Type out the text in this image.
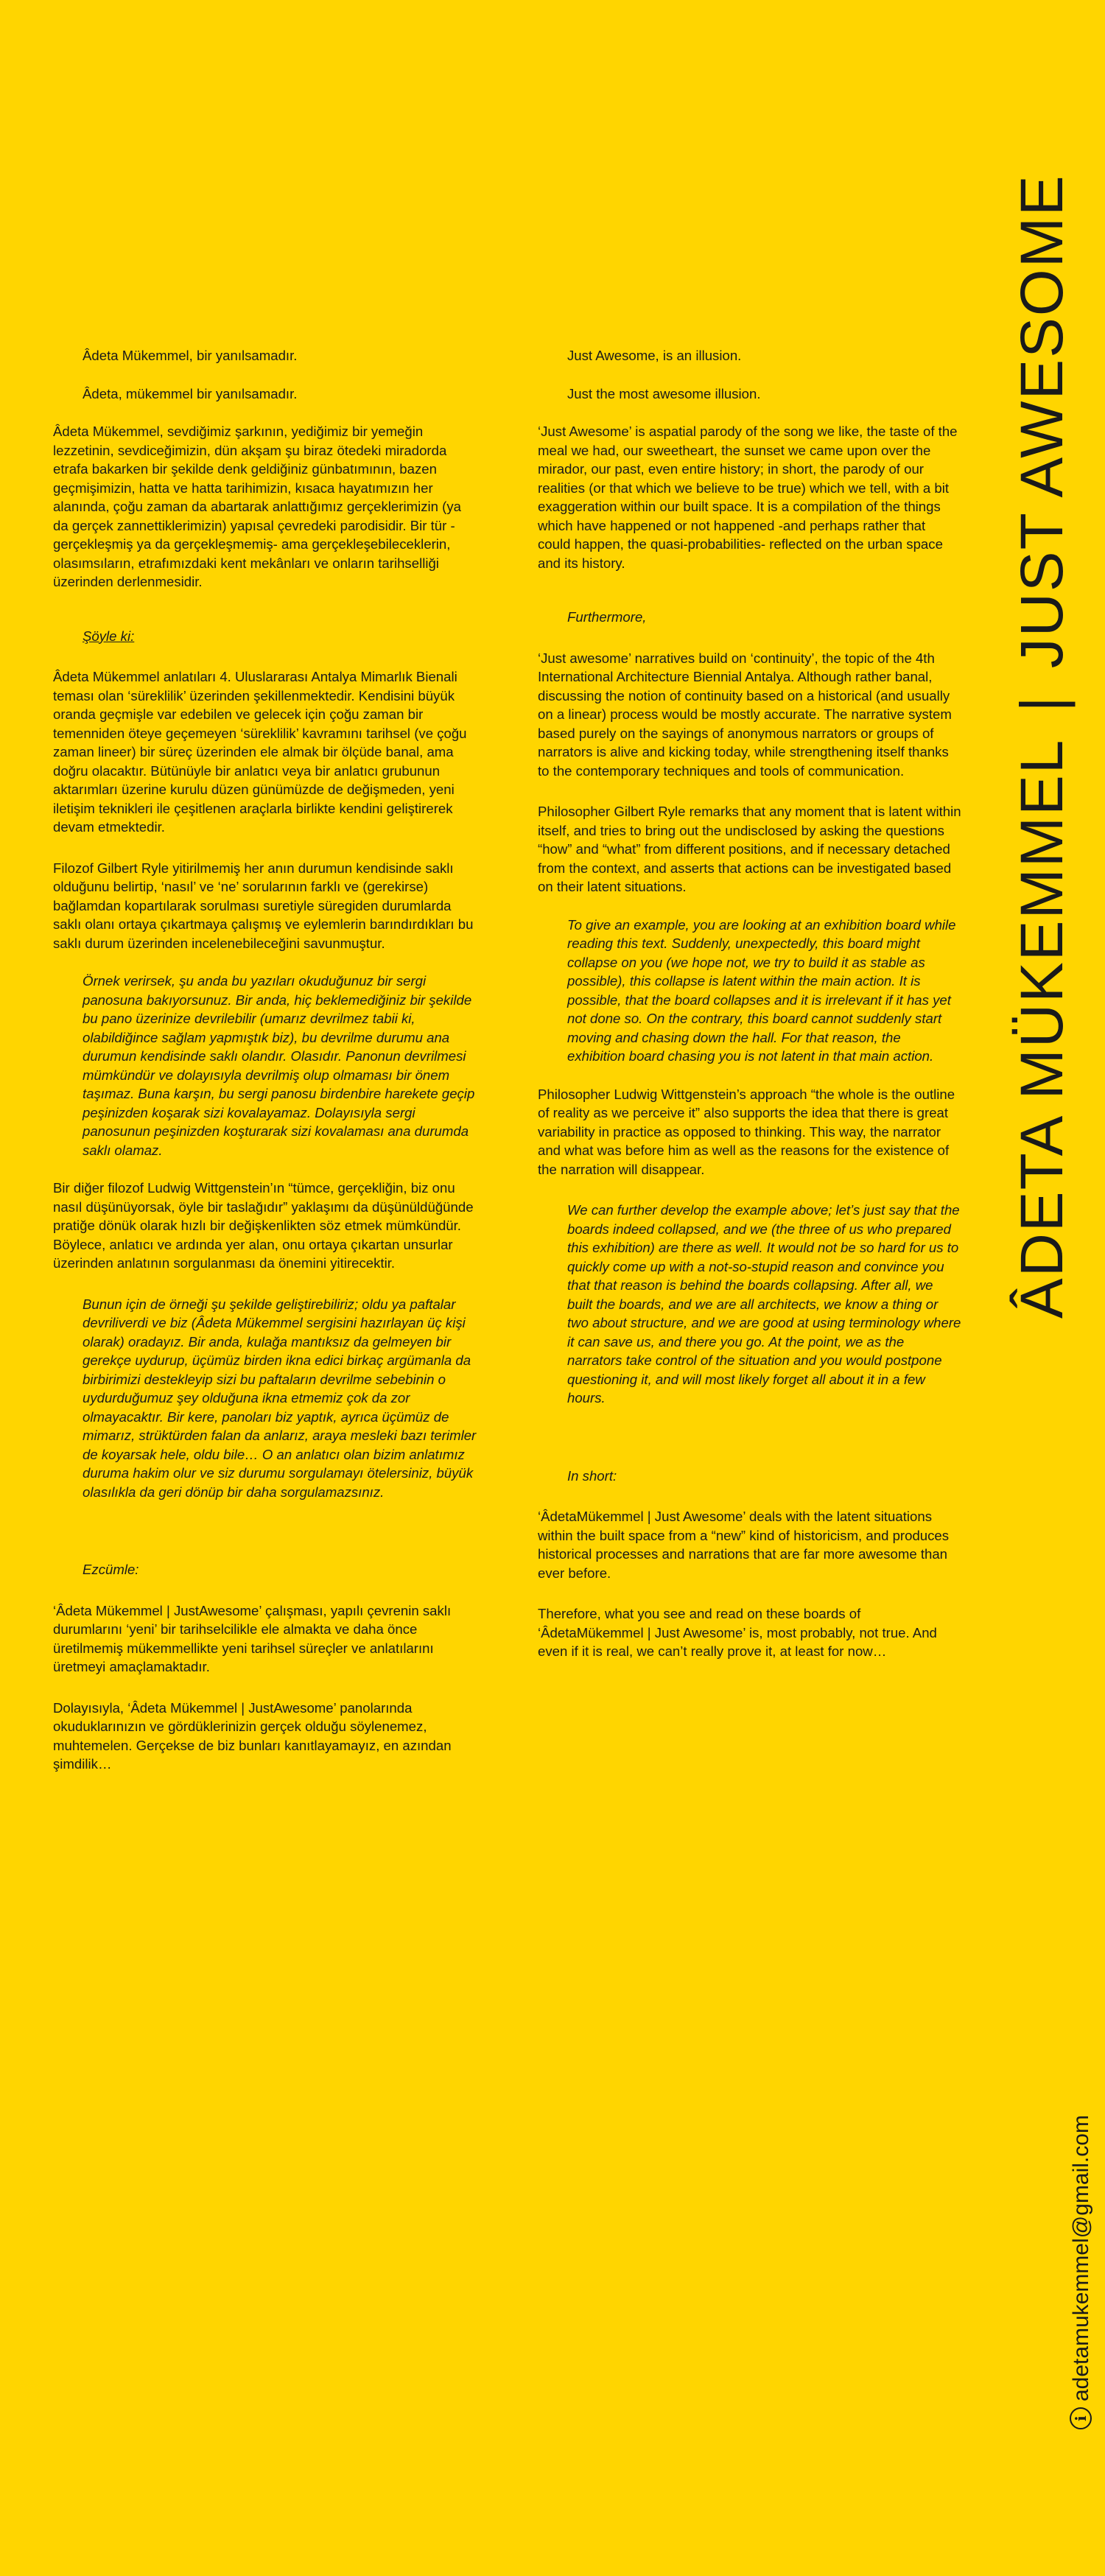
Âdeta Mükemmel, bir yanılsamadır.

Âdeta, mükemmel bir yanılsamadır.

Âdeta Mükemmel, sevdiğimiz şarkının, yediğimiz bir yemeğin lezzetinin, sevdiceğimizin, dün akşam şu biraz ötedeki miradorda etrafa bakarken bir şekilde denk geldiğiniz günbatımının, bazen geçmişimizin, hatta ve hatta tarihimizin, kısaca hayatımızın her alanında, çoğu zaman da abartarak anlattığımız gerçeklerimizin (ya da gerçek zannettiklerimizin) yapısal çevredeki parodisidir. Bir tür -gerçekleşmiş ya da gerçekleşmemiş- ama gerçekleşebileceklerin, olasımsıların, etrafımızdaki kent mekânları ve onların tarihselliği üzerinden derlenmesidir.

Şöyle ki:

Âdeta Mükemmel anlatıları 4. Uluslararası Antalya Mimarlık Bienali teması olan ‘süreklilik’ üzerinden şekillenmektedir. Kendisini büyük oranda geçmişle var edebilen ve gelecek için çoğu zaman bir temenniden öteye geçemeyen ‘süreklilik’ kavramını tarihsel (ve çoğu zaman lineer) bir süreç üzerinden ele almak bir ölçüde banal, ama doğru olacaktır. Bütünüyle bir anlatıcı veya bir anlatıcı grubunun aktarımları üzerine kurulu düzen günümüzde de değişmeden, yeni iletişim teknikleri ile çeşitlenen araçlarla birlikte kendini geliştirerek devam etmektedir.

Filozof Gilbert Ryle yitirilmemiş her anın durumun kendisinde saklı olduğunu belirtip, ‘nasıl’ ve ‘ne’ sorularının farklı ve (gerekirse) bağlamdan kopartılarak sorulması suretiyle süregiden durumlarda saklı olanı ortaya çıkartmaya çalışmış ve eylemlerin barındırdıkları bu saklı durum üzerinden incelenebileceğini savunmuştur.

Örnek verirsek, şu anda bu yazıları okuduğunuz bir sergi panosuna bakıyorsunuz. Bir anda, hiç beklemediğiniz bir şekilde bu pano üzerinize devrilebilir (umarız devrilmez tabii ki, olabildiğince sağlam yapmıştık biz), bu devrilme durumu ana durumun kendisinde saklı olandır. Olasıdır. Panonun devrilmesi mümkündür ve dolayısıyla devrilmiş olup olmaması bir önem taşımaz. Buna karşın, bu sergi panosu birdenbire harekete geçip peşinizden koşarak sizi kovalayamaz. Dolayısıyla sergi panosunun peşinizden koşturarak sizi kovalaması ana durumda saklı olamaz.

Bir diğer filozof Ludwig Wittgenstein’ın “tümce, gerçekliğin, biz onu nasıl düşünüyorsak, öyle bir taslağıdır” yaklaşımı da düşünüldüğünde pratiğe dönük olarak hızlı bir değişkenlikten söz etmek mümkündür. Böylece, anlatıcı ve ardında yer alan, onu ortaya çıkartan unsurlar üzerinden anlatının sorgulanması da önemini yitirecektir.

Bunun için de örneği şu şekilde geliştirebiliriz; oldu ya paftalar devriliverdi ve biz (Âdeta Mükemmel sergisini hazırlayan üç kişi olarak) oradayız. Bir anda, kulağa mantıksız da gelmeyen bir gerekçe uydurup, üçümüz birden ikna edici birkaç argümanla da birbirimizi destekleyip sizi bu paftaların devrilme sebebinin o uydurduğumuz şey olduğuna ikna etmemiz çok da zor olmayacaktır. Bir kere, panoları biz yaptık, ayrıca üçümüz de mimarız, strüktürden falan da anlarız, araya mesleki bazı terimler de koyarsak hele, oldu bile… O an anlatıcı olan bizim anlatımız duruma hakim olur ve siz durumu sorgulamayı ötelersiniz, büyük olasılıkla da geri dönüp bir daha sorgulamazsınız.

Ezcümle:

‘Âdeta Mükemmel | JustAwesome’ çalışması, yapılı çevrenin saklı durumlarını ‘yeni’ bir tarihselcilikle ele almakta ve daha önce üretilmemiş mükemmellikte yeni tarihsel süreçler ve anlatılarını üretmeyi amaçlamaktadır.

Dolayısıyla, ‘Âdeta Mükemmel | JustAwesome’ panolarında okuduklarınızın ve gördüklerinizin gerçek olduğu söylenemez, muhtemelen. Gerçekse de biz bunları kanıtlayamayız, en azından şimdilik…

Just Awesome, is an illusion.

Just the most awesome illusion.

‘Just Awesome’ is aspatial parody of the song we like, the taste of the meal we had, our sweetheart, the sunset we came upon over the mirador, our past, even entire history; in short, the parody of our realities (or that which we believe to be true) which we tell, with a bit exaggeration within our built space. It is a compilation of the things which have happened or not happened -and perhaps rather that could happen, the quasi-probabilities- reflected on the urban space and its history.

Furthermore,

‘Just awesome’ narratives build on ‘continuity’, the topic of the 4th International Architecture Biennial Antalya. Although rather banal, discussing the notion of continuity based on a historical (and usually on a linear) process would be mostly accurate. The narrative system based purely on the sayings of anonymous narrators or groups of narrators is alive and kicking today, while strengthening itself thanks to the contemporary techniques and tools of communication.

Philosopher Gilbert Ryle remarks that any moment that is latent within itself, and tries to bring out the undisclosed by asking the questions “how” and “what” from different positions, and if necessary detached from the context, and asserts that actions can be investigated based on their latent situations.

To give an example, you are looking at an exhibition board while reading this text. Suddenly, unexpectedly, this board might collapse on you (we hope not, we try to build it as stable as possible), this collapse is latent within the main action. It is possible, that the board collapses and it is irrelevant if it has yet not done so. On the contrary, this board cannot suddenly start moving and chasing down the hall. For that reason, the exhibition board chasing you is not latent in that main action.

Philosopher Ludwig Wittgenstein’s approach “the whole is the outline of reality as we perceive it” also supports the idea that there is great variability in practice as opposed to thinking. This way, the narrator and what was before him as well as the reasons for the existence of the narration will disappear.

We can further develop the example above; let’s just say that the boards indeed collapsed, and we (the three of us who prepared this exhibition) are there as well. It would not be so hard for us to quickly come up with a not-so-stupid reason and convince you that that reason is behind the boards collapsing. After all, we built the boards, and we are all architects, we know a thing or two about structure, and we are good at using terminology where it can save us, and there you go. At the point, we as the narrators take control of the situation and you would postpone questioning it, and will most likely forget all about it in a few hours.

In short:

‘ÂdetaMükemmel | Just Awesome’ deals with the latent situations within the built space from a “new” kind of historicism, and produces historical processes and narrations that are far more awesome than ever before.

Therefore, what you see and read on these boards of ‘ÂdetaMükemmel | Just Awesome’ is, most probably, not true. And even if it is real, we can’t really prove it, at least for now…

ÂDETA MÜKEMMEL|JUST AWESOME
iadetamukemmel@gmail.com
